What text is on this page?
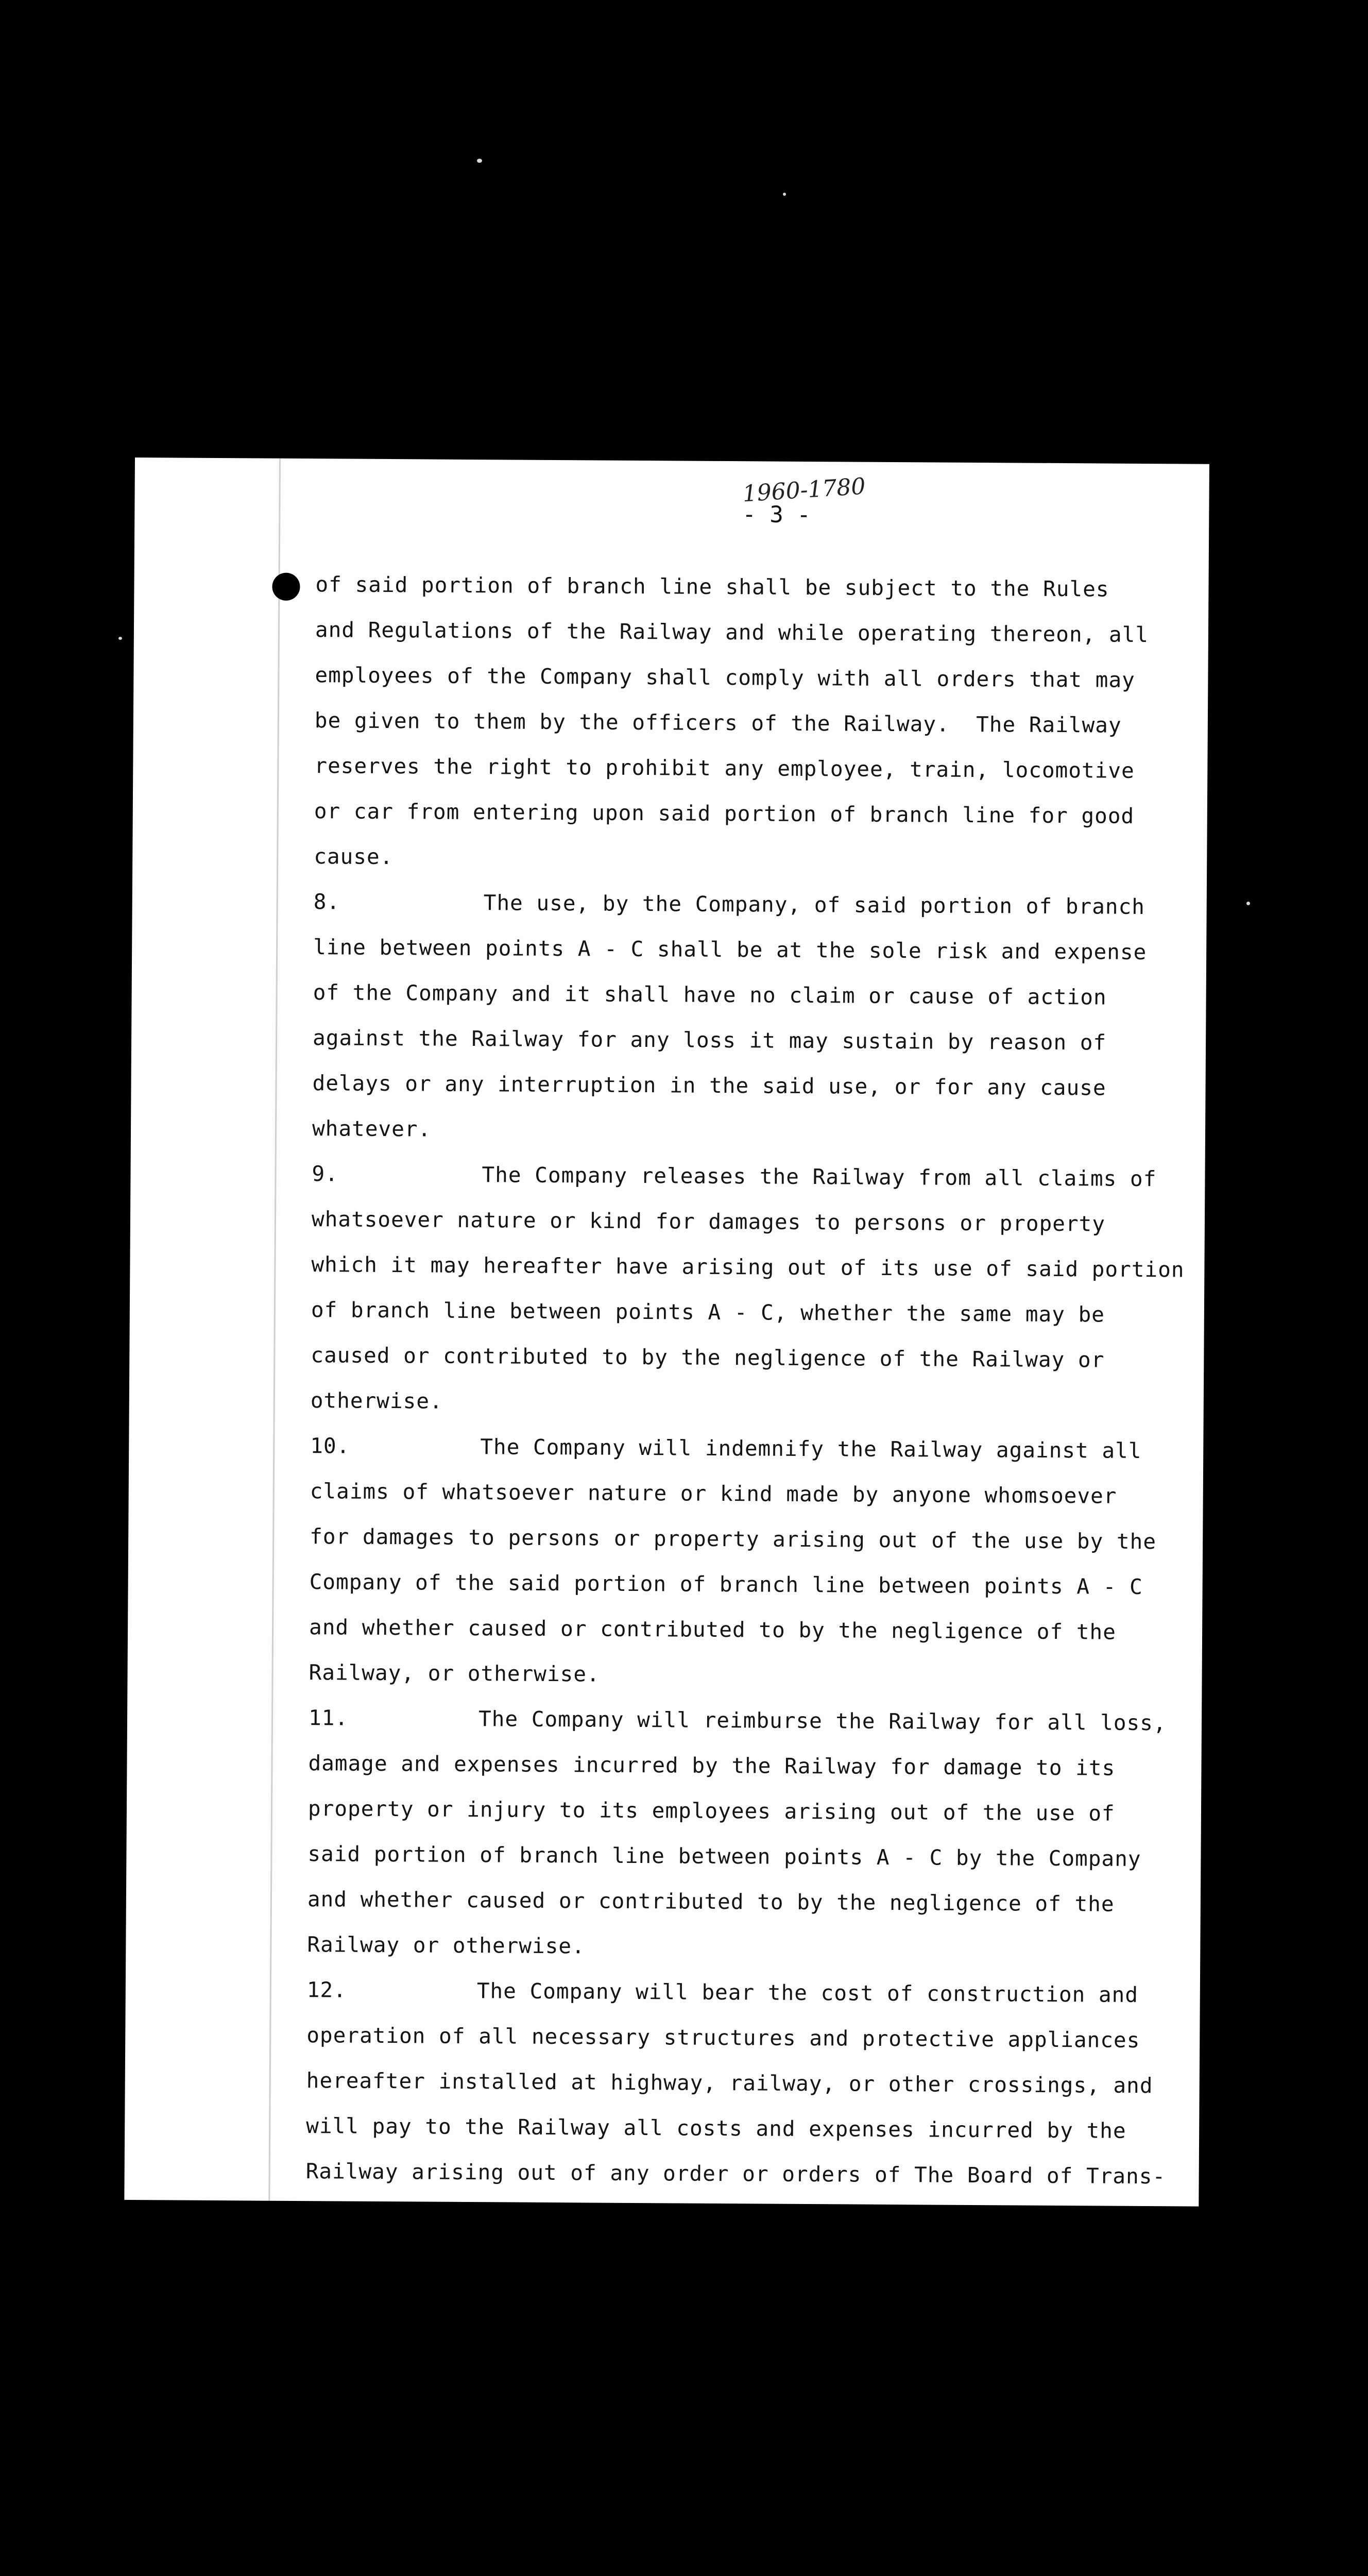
1960-1780
- 3 -

of said portion of branch line shall be subject to the Rules
and Regulations of the Railway and while operating thereon, all
employees of the Company shall comply with all orders that may
be given to them by the officers of the Railway.  The Railway
reserves the right to prohibit any employee, train, locomotive
or car from entering upon said portion of branch line for good
cause.

8.	The use, by the Company, of said portion of branch
line between points A - C shall be at the sole risk and expense
of the Company and it shall have no claim or cause of action
against the Railway for any loss it may sustain by reason of
delays or any interruption in the said use, or for any cause
whatever.

9.	The Company releases the Railway from all claims of
whatsoever nature or kind for damages to persons or property
which it may hereafter have arising out of its use of said portion
of branch line between points A - C, whether the same may be
caused or contributed to by the negligence of the Railway or
otherwise.

10.	The Company will indemnify the Railway against all
claims of whatsoever nature or kind made by anyone whomsoever
for damages to persons or property arising out of the use by the
Company of the said portion of branch line between points A - C
and whether caused or contributed to by the negligence of the
Railway, or otherwise.

11.	The Company will reimburse the Railway for all loss,
damage and expenses incurred by the Railway for damage to its
property or injury to its employees arising out of the use of
said portion of branch line between points A - C by the Company
and whether caused or contributed to by the negligence of the
Railway or otherwise.

12.	The Company will bear the cost of construction and
operation of all necessary structures and protective appliances
hereafter installed at highway, railway, or other crossings, and
will pay to the Railway all costs and expenses incurred by the
Railway arising out of any order or orders of The Board of Trans-
